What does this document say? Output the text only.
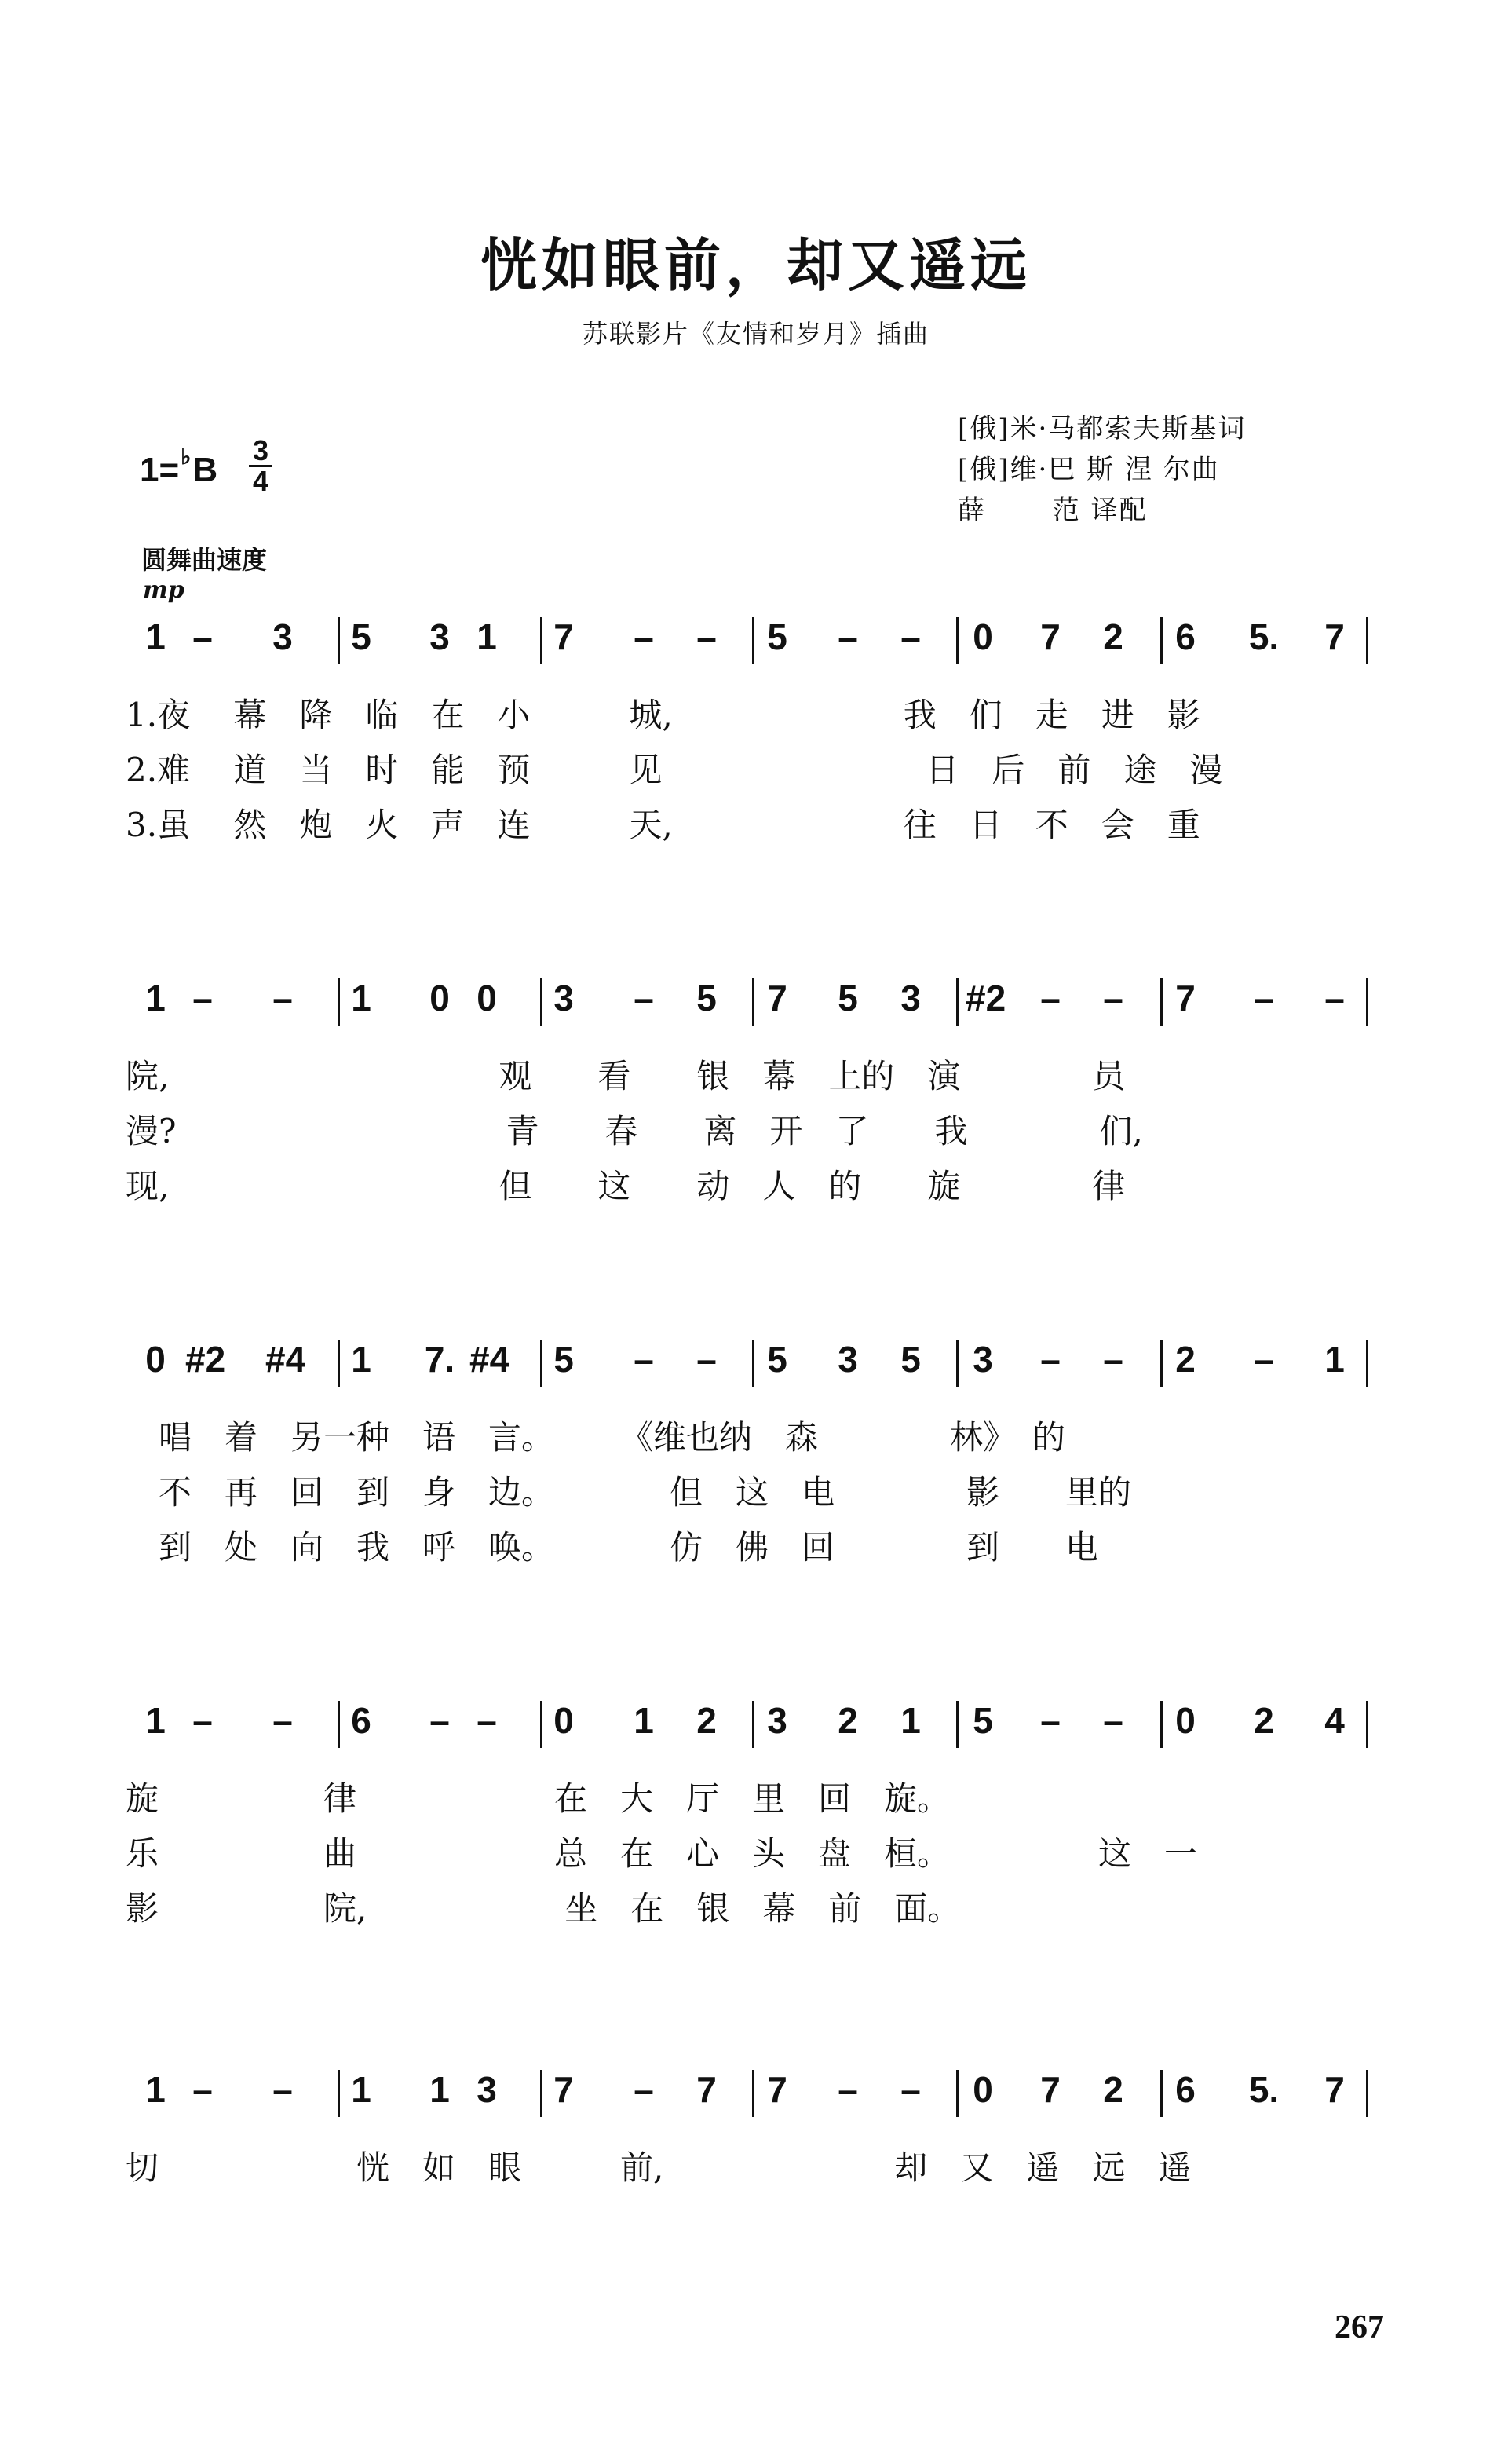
恍如眼前，却又遥远
苏联影片《友情和岁月》插曲
[俄]米·马都索夫斯基词
[俄]维·巴 斯 涅 尔曲
薛　　 范 译配
1=♭B
3
4
圆舞曲速度
mp
1 – 3 5 3 1 7 – – 5 – – 0 7 2 6 5. 7
1.夜　 幕　降　临　在　小　　　城,　　　　　　　我　们　走　进　影
2.难　 道　当　时　能　预　　　见　　　　　　　　日　后　前　途　漫
3.虽　 然　炮　火　声　连　　　天,　　　　　　　往　日　不　会　重
1 – – 1 0 0 3 – 5 7 5 3 #2 – – 7 – –
院,　　　　　　　　　　观　　看　　银　幕　上的　演　　　　员
漫?　　　　　　　　　　青　　春　　离　开　了　　我　　　　们,
现,　　　　　　　　　　但　　这　　动　人　的　　旋　　　　律
0 #2 #4 1 7. #4 5 – – 5 3 5 3 – – 2 – 1
　唱　着　另一种　语　言。　　　《维也纳　森　　　　林》　的
　不　再　回　到　身　边。　　　　但　这　电　　　　影　　里的
　到　处　向　我　呼　唤。　　　　仿　佛　回　　　　到　　电
1 – – 6 – – 0 1 2 3 2 1 5 – – 0 2 4
旋　　　　　律　　　　　　在　大　厅　里　回　旋。
乐　　　　　曲　　　　　　总　在　心　头　盘　桓。　　　　　这　一
影　　　　　院,　　　　　　坐　在　银　幕　前　面。
1 – – 1 1 3 7 – 7 7 – – 0 7 2 6 5. 7
切　　　　　　恍　如　眼　　　前,　　　　　　　却　又　遥　远　遥
267
